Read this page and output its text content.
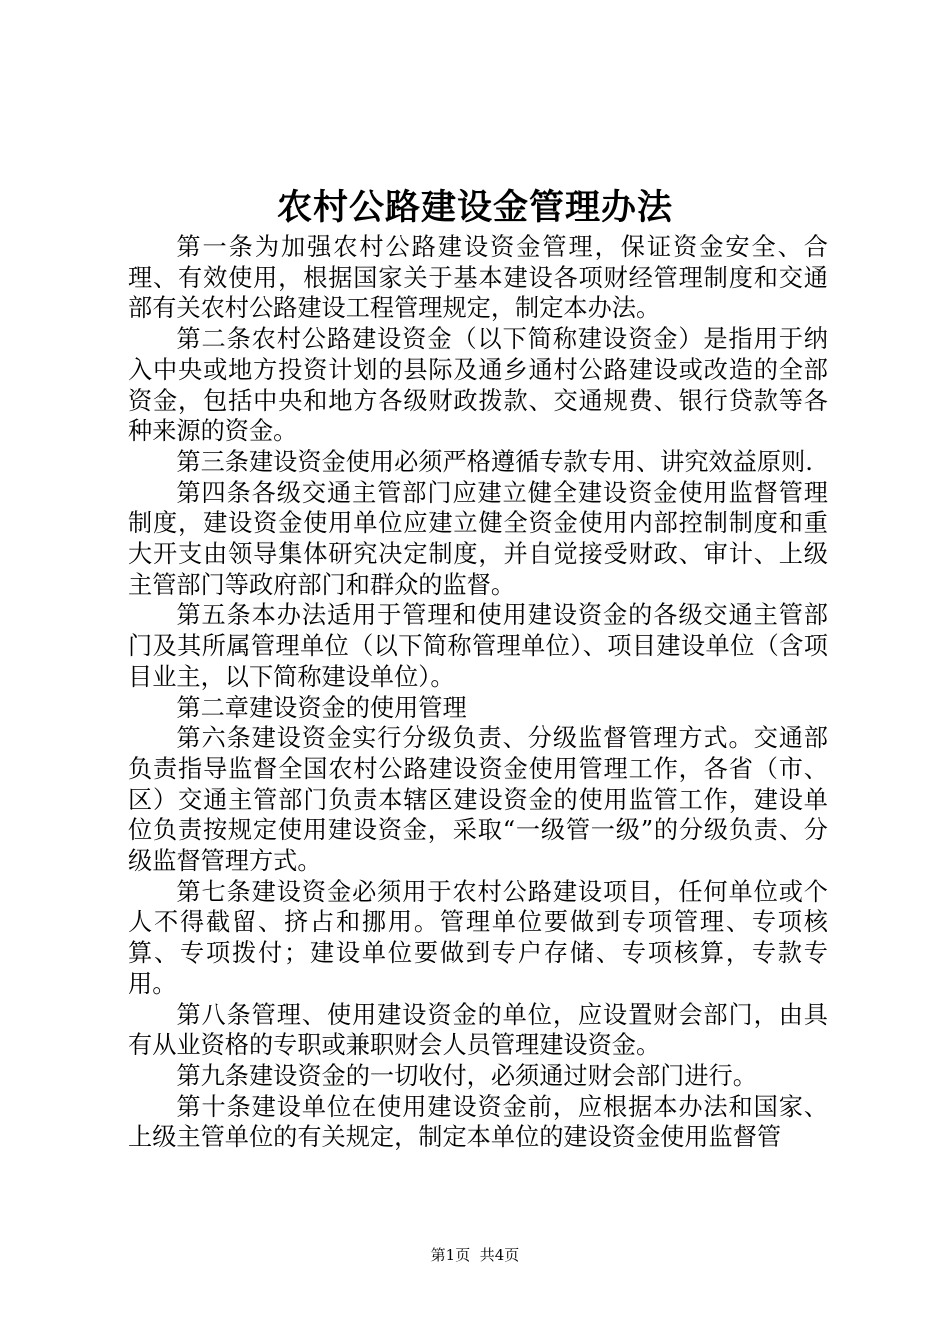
农村公路建设金管理办法

第一条为加强农村公路建设资金管理，保证资金安全、合理、有效使用，根据国家关于基本建设各项财经管理制度和交通部有关农村公路建设工程管理规定，制定本办法。

第二条农村公路建设资金（以下简称建设资金）是指用于纳入中央或地方投资计划的县际及通乡通村公路建设或改造的全部资金，包括中央和地方各级财政拨款、交通规费、银行贷款等各种来源的资金。

第三条建设资金使用必须严格遵循专款专用、讲究效益原则.

第四条各级交通主管部门应建立健全建设资金使用监督管理制度，建设资金使用单位应建立健全资金使用内部控制制度和重大开支由领导集体研究决定制度，并自觉接受财政、审计、上级主管部门等政府部门和群众的监督。

第五条本办法适用于管理和使用建设资金的各级交通主管部门及其所属管理单位（以下简称管理单位）、项目建设单位（含项目业主，以下简称建设单位）。

第二章建设资金的使用管理

第六条建设资金实行分级负责、分级监督管理方式。交通部负责指导监督全国农村公路建设资金使用管理工作，各省（市、区）交通主管部门负责本辖区建设资金的使用监管工作，建设单位负责按规定使用建设资金，采取“一级管一级”的分级负责、分级监督管理方式。

第七条建设资金必须用于农村公路建设项目，任何单位或个人不得截留、挤占和挪用。管理单位要做到专项管理、专项核算、专项拨付；建设单位要做到专户存储、专项核算，专款专用。

第八条管理、使用建设资金的单位，应设置财会部门，由具有从业资格的专职或兼职财会人员管理建设资金。

第九条建设资金的一切收付，必须通过财会部门进行。

第十条建设单位在使用建设资金前，应根据本办法和国家、上级主管单位的有关规定，制定本单位的建设资金使用监督管

第1页 共4页
